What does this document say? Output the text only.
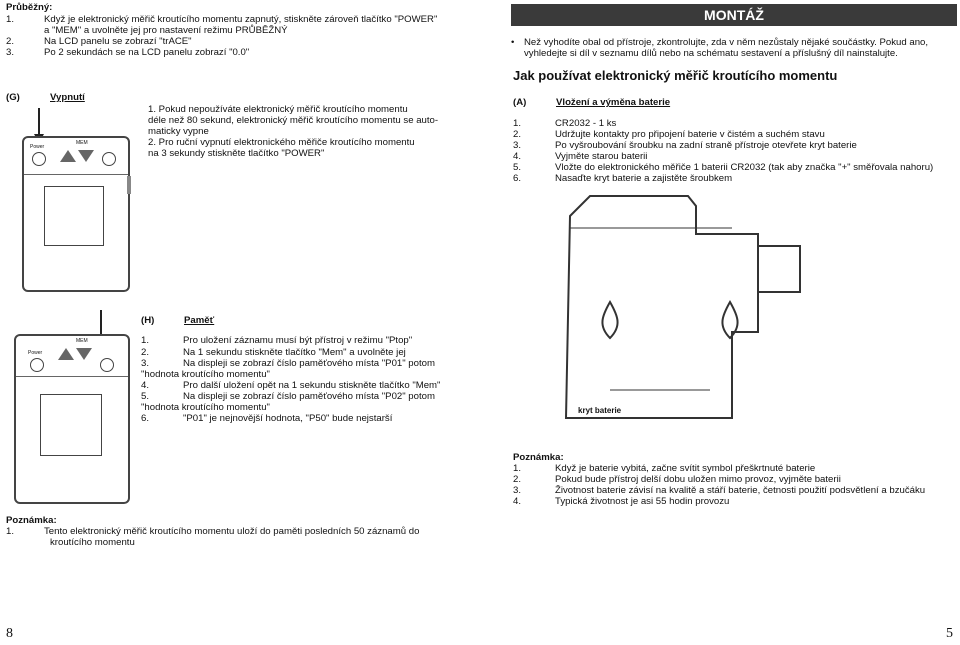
Průběžný:
1.	Když je elektronický měřič kroutícího momentu zapnutý, stiskněte zároveň tlačítko "POWER"
a "MEM" a uvolněte jej pro nastavení režimu PRŮBĚŽNÝ
2.	Na LCD panelu se zobrazí "trACE"
3.	Po 2 sekundách se na LCD panelu zobrazí "0.0"
(G)	Vypnutí
1. Pokud nepoužíváte elektronický měřič kroutícího momentu
déle než 80 sekund, elektronický měřič kroutícího momentu se auto-
maticky vypne
2. Pro ruční vypnutí elektronického měřiče kroutícího momentu
na 3 sekundy stiskněte tlačítko "POWER"
Power
MEM
(H)	Paměť
1.	Pro uložení záznamu musí být přístroj v režimu "Ptop"
2.	Na 1 sekundu stiskněte tlačítko "Mem" a uvolněte jej
3.	Na displeji se zobrazí číslo paměťového místa "P01" potom
"hodnota kroutícího momentu"
4.	Pro další uložení opět na 1 sekundu stiskněte tlačítko "Mem"
5.	Na displeji se zobrazí číslo paměťového místa "P02" potom
"hodnota kroutícího momentu"
6.	"P01" je nejnovější hodnota, "P50" bude nejstarší
Power
MEM
Poznámka:
1.	Tento elektronický měřič kroutícího momentu uloží do paměti posledních 50 záznamů do
kroutícího momentu
8
MONTÁŽ
• Než vyhodíte obal od přístroje, zkontrolujte, zda v něm nezůstaly nějaké součástky. Pokud ano,
vyhledejte si díl v seznamu dílů nebo na schématu sestavení a příslušný díl nainstalujte.
Jak používat elektronický měřič kroutícího momentu
(A)	Vložení a výměna baterie
1.	CR2032 - 1 ks
2.	Udržujte kontakty pro připojení baterie v čistém a suchém stavu
3.	Po vyšroubování šroubku na zadní straně přístroje otevřete kryt baterie
4.	Vyjměte starou baterii
5.	Vložte do elektronického měřiče 1 baterii CR2032 (tak aby značka "+" směřovala nahoru)
6.	Nasaďte kryt baterie a zajistěte šroubkem
kryt baterie
Poznámka:
1.	Když je baterie vybitá, začne svítit symbol přeškrtnuté baterie
2.	Pokud bude přístroj delší dobu uložen mimo provoz, vyjměte baterii
3.	Životnost baterie závisí na kvalitě a stáří baterie, četnosti použití podsvětlení a bzučáku
4.	Typická životnost je asi 55 hodin provozu
5
